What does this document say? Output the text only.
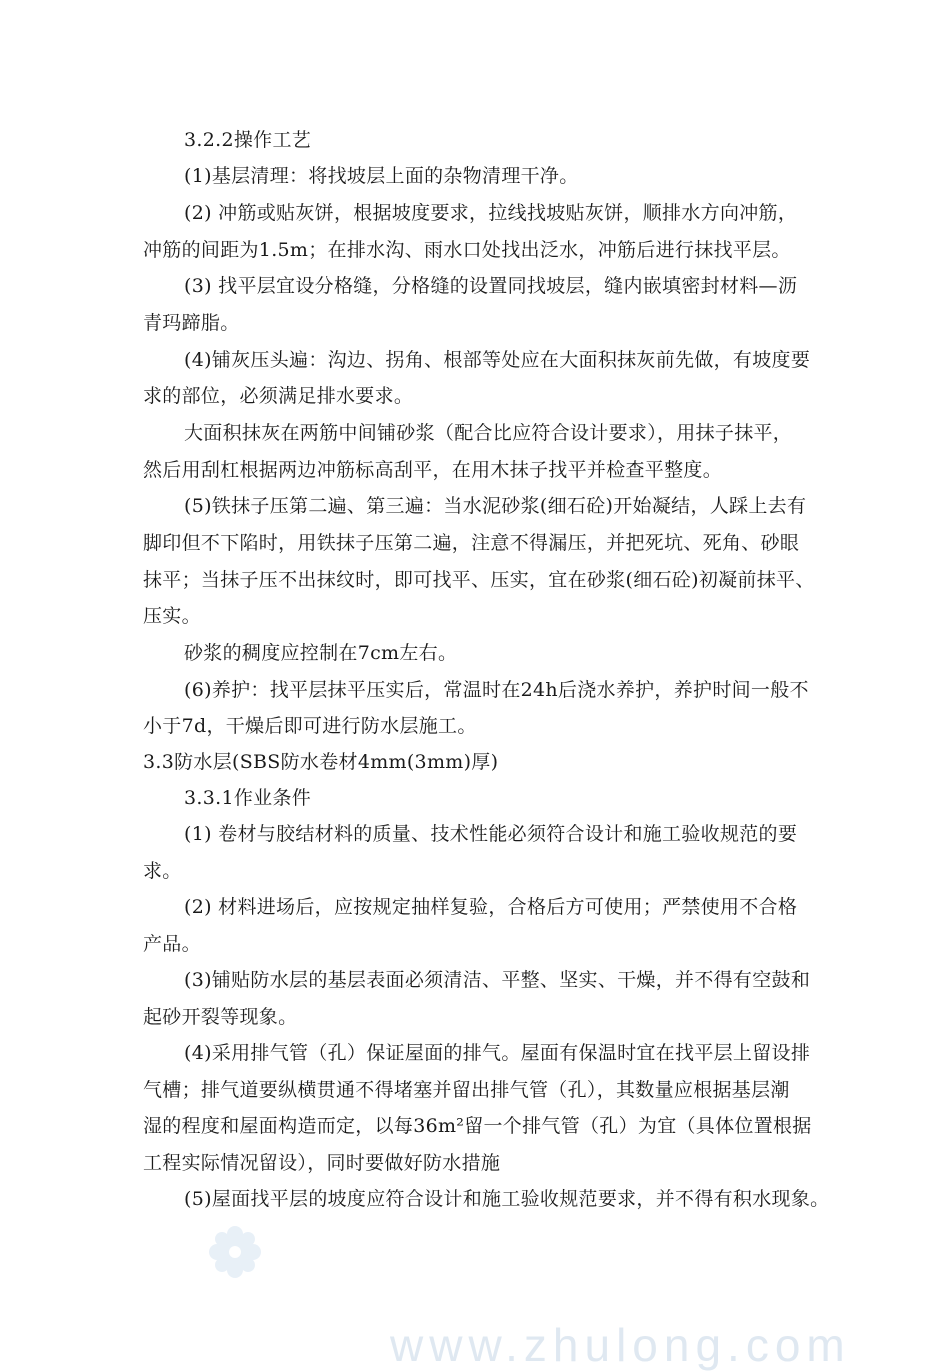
3.2.2操作工艺
(1)基层清理：将找坡层上面的杂物清理干净。
(2) 冲筋或贴灰饼，根据坡度要求，拉线找坡贴灰饼，顺排水方向冲筋，
冲筋的间距为1.5m；在排水沟、雨水口处找出泛水，冲筋后进行抹找平层。
(3) 找平层宜设分格缝，分格缝的设置同找坡层，缝内嵌填密封材料—沥
青玛蹄脂。
(4)铺灰压头遍：沟边、拐角、根部等处应在大面积抹灰前先做，有坡度要
求的部位，必须满足排水要求。
大面积抹灰在两筋中间铺砂浆（配合比应符合设计要求），用抹子抹平，
然后用刮杠根据两边冲筋标高刮平，在用木抹子找平并检查平整度。
(5)铁抹子压第二遍、第三遍：当水泥砂浆(细石砼)开始凝结，人踩上去有
脚印但不下陷时，用铁抹子压第二遍，注意不得漏压，并把死坑、死角、砂眼
抹平；当抹子压不出抹纹时，即可找平、压实，宜在砂浆(细石砼)初凝前抹平、
压实。
砂浆的稠度应控制在7cm左右。
(6)养护：找平层抹平压实后，常温时在24h后浇水养护，养护时间一般不
小于7d，干燥后即可进行防水层施工。
3.3防水层(SBS防水卷材4mm(3mm)厚)
3.3.1作业条件
(1) 卷材与胶结材料的质量、技术性能必须符合设计和施工验收规范的要
求。
(2) 材料进场后，应按规定抽样复验，合格后方可使用；严禁使用不合格
产品。
(3)铺贴防水层的基层表面必须清洁、平整、坚实、干燥，并不得有空鼓和
起砂开裂等现象。
(4)采用排气管（孔）保证屋面的排气。屋面有保温时宜在找平层上留设排
气槽；排气道要纵横贯通不得堵塞并留出排气管（孔），其数量应根据基层潮
湿的程度和屋面构造而定，以每36m²留一个排气管（孔）为宜（具体位置根据
工程实际情况留设），同时要做好防水措施
(5)屋面找平层的坡度应符合设计和施工验收规范要求，并不得有积水现象。
www.zhulong.com
